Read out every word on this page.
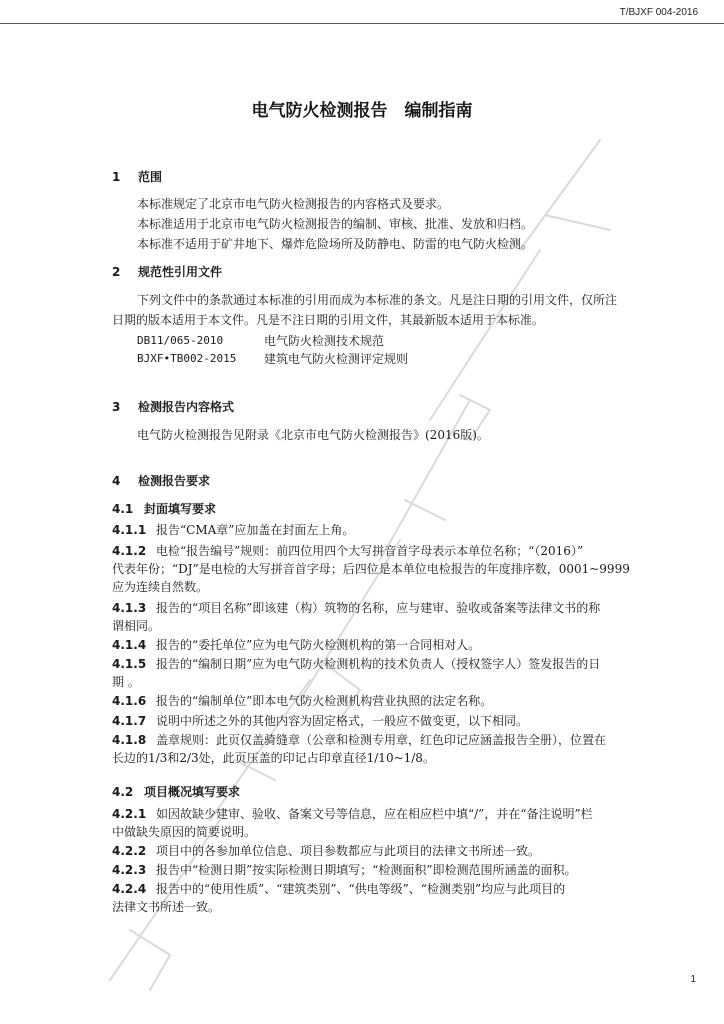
T/BJXF 004-2016
电气防火检测报告　编制指南
1 范围
本标准规定了北京市电气防火检测报告的内容格式及要求。
本标准适用于北京市电气防火检测报告的编制、审核、批准、发放和归档。
本标准不适用于矿井地下、爆炸危险场所及防静电、防雷的电气防火检测。
2 规范性引用文件
下列文件中的条款通过本标准的引用而成为本标准的条文。凡是注日期的引用文件，仅所注
日期的版本适用于本文件。凡是不注日期的引用文件，其最新版本适用于本标准。
DB11/065-2010	电气防火检测技术规范
BJXF•TB002-2015 建筑电气防火检测评定规则
3 检测报告内容格式
电气防火检测报告见附录《北京市电气防火检测报告》(2016版)。
4 检测报告要求
4.1 封面填写要求
4.1.1 报告“CMA章”应加盖在封面左上角。
4.1.2 电检“报告编号”规则：前四位用四个大写拼音首字母表示本单位名称；“（2016）”
代表年份；“DJ”是电检的大写拼音首字母；后四位是本单位电检报告的年度排序数，0001~9999
应为连续自然数。
4.1.3 报告的“项目名称”即该建（构）筑物的名称，应与建审、验收或备案等法律文书的称
谓相同。
4.1.4 报告的“委托单位”应为电气防火检测机构的第一合同相对人。
4.1.5 报告的“编制日期”应为电气防火检测机构的技术负责人（授权签字人）签发报告的日
期 。
4.1.6 报告的“编制单位”即本电气防火检测机构营业执照的法定名称。
4.1.7 说明中所述之外的其他内容为固定格式，一般应不做变更，以下相同。
4.1.8 盖章规则：此页仅盖骑缝章（公章和检测专用章，红色印记应涵盖报告全册），位置在
长边的1/3和2/3处，此页压盖的印记占印章直径1/10~1/8。
4.2 项目概况填写要求
4.2.1 如因故缺少建审、验收、备案文号等信息，应在相应栏中填“/”，并在“备注说明”栏
中做缺失原因的简要说明。
4.2.2 项目中的各参加单位信息、项目参数都应与此项目的法律文书所述一致。
4.2.3 报告中“检测日期”按实际检测日期填写；“检测面积”即检测范围所涵盖的面积。
4.2.4 报告中的“使用性质”、“建筑类别”、“供电等级”、“检测类别”均应与此项目的
法律文书所述一致。
1
